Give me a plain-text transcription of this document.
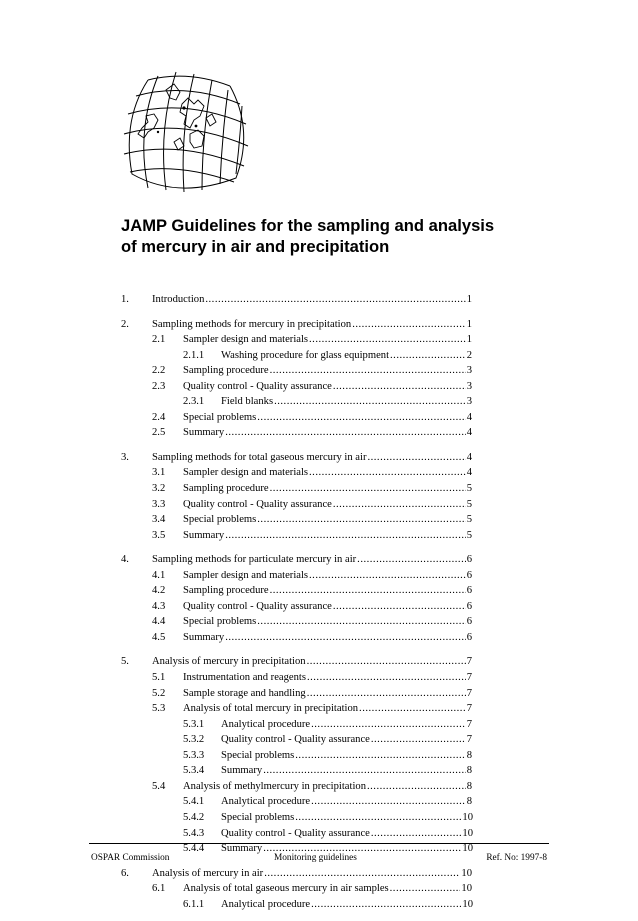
JAMP Guidelines for the sampling and analysis
of mercury in air and precipitation
1. Introduction .....	1
2. Sampling methods for mercury in precipitation .....	1
2.1 Sampler design and materials .....	1
2.1.1 Washing procedure for glass equipment .....	2
2.2 Sampling procedure .....	3
2.3 Quality control - Quality assurance .....	3
2.3.1 Field blanks .....	3
2.4 Special problems .....	4
2.5 Summary .....	4
3. Sampling methods for total gaseous mercury in air .....	4
3.1 Sampler design and materials .....	4
3.2 Sampling procedure .....	5
3.3 Quality control - Quality assurance .....	5
3.4 Special problems .....	5
3.5 Summary .....	5
4. Sampling methods for particulate mercury in air .....	6
4.1 Sampler design and materials .....	6
4.2 Sampling procedure .....	6
4.3 Quality control - Quality assurance .....	6
4.4 Special problems .....	6
4.5 Summary .....	6
5. Analysis of mercury in precipitation .....	7
5.1 Instrumentation and reagents .....	7
5.2 Sample storage and handling .....	7
5.3 Analysis of total mercury in precipitation .....	7
5.3.1 Analytical procedure .....	7
5.3.2 Quality control - Quality assurance .....	7
5.3.3 Special problems .....	8
5.3.4 Summary .....	8
5.4 Analysis of methylmercury in precipitation .....	8
5.4.1 Analytical procedure .....	8
5.4.2 Special problems .....	10
5.4.3 Quality control - Quality assurance .....	10
5.4.4 Summary .....	10
6. Analysis of mercury in air .....	10
6.1 Analysis of total gaseous mercury in air samples .....	10
6.1.1 Analytical procedure .....	10
OSPAR Commission	Monitoring guidelines	Ref. No: 1997-8
